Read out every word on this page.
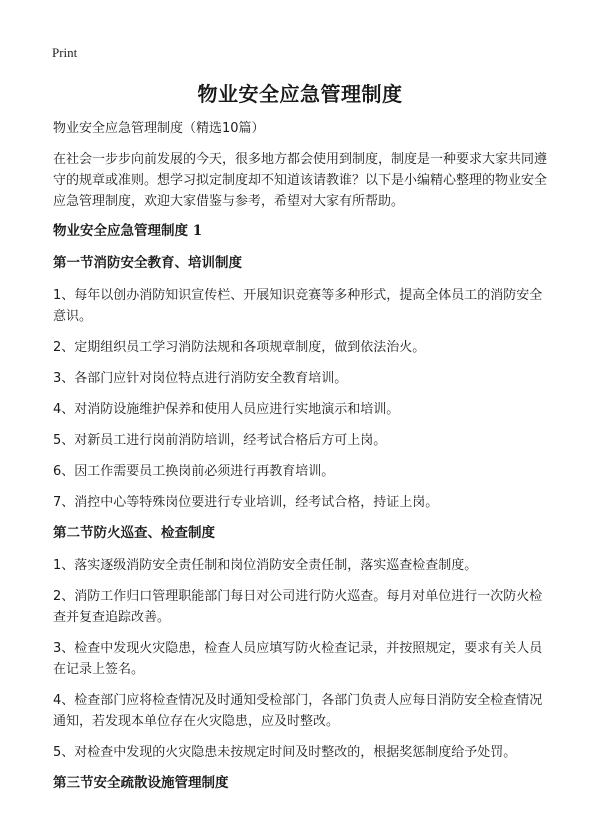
Print
物业安全应急管理制度

物业安全应急管理制度（精选10篇）

在社会一步步向前发展的今天，很多地方都会使用到制度，制度是一种要求大家共同遵守的规章或准则。想学习拟定制度却不知道该请教谁？以下是小编精心整理的物业安全应急管理制度，欢迎大家借鉴与参考，希望对大家有所帮助。

物业安全应急管理制度 1
第一节消防安全教育、培训制度

1、每年以创办消防知识宣传栏、开展知识竞赛等多种形式，提高全体员工的消防安全意识。

2、定期组织员工学习消防法规和各项规章制度，做到依法治火。

3、各部门应针对岗位特点进行消防安全教育培训。

4、对消防设施维护保养和使用人员应进行实地演示和培训。

5、对新员工进行岗前消防培训，经考试合格后方可上岗。

6、因工作需要员工换岗前必须进行再教育培训。

7、消控中心等特殊岗位要进行专业培训，经考试合格，持证上岗。

第二节防火巡查、检查制度

1、落实逐级消防安全责任制和岗位消防安全责任制，落实巡查检查制度。

2、消防工作归口管理职能部门每日对公司进行防火巡查。每月对单位进行一次防火检查并复查追踪改善。

3、检查中发现火灾隐患，检查人员应填写防火检查记录，并按照规定，要求有关人员在记录上签名。

4、检查部门应将检查情况及时通知受检部门，各部门负责人应每日消防安全检查情况通知，若发现本单位存在火灾隐患，应及时整改。

5、对检查中发现的火灾隐患未按规定时间及时整改的，根据奖惩制度给予处罚。

第三节安全疏散设施管理制度
